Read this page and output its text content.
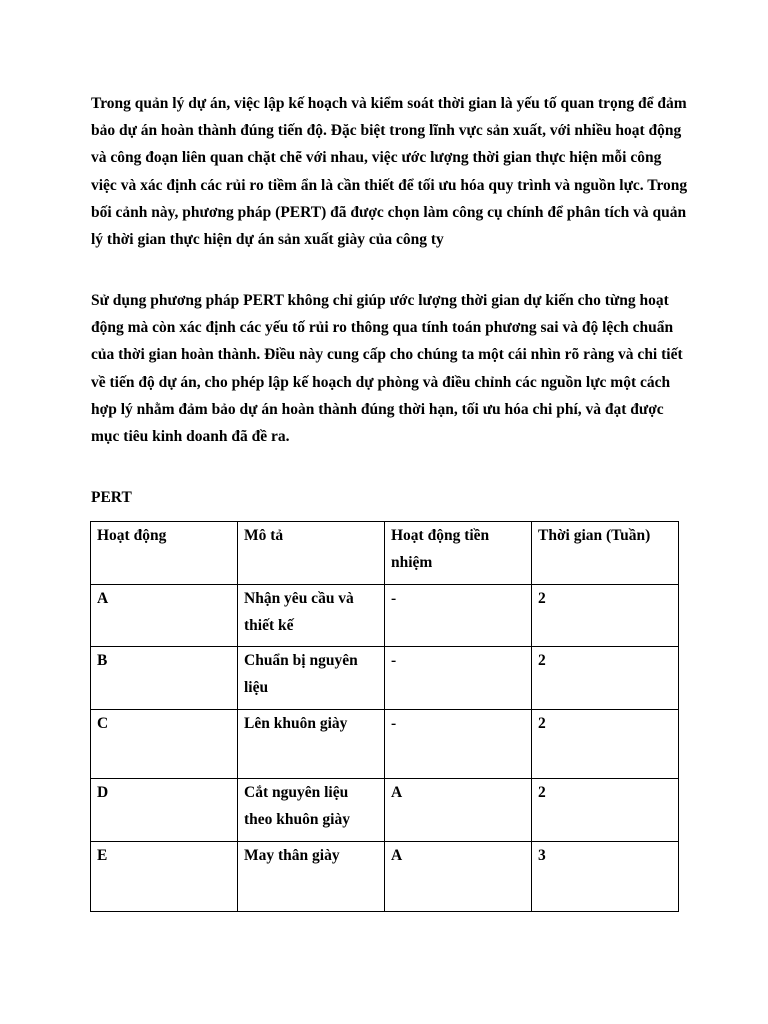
Trong quản lý dự án, việc lập kế hoạch và kiểm soát thời gian là yếu tố quan trọng để đảm bảo dự án hoàn thành đúng tiến độ. Đặc biệt trong lĩnh vực sản xuất, với nhiều hoạt động và công đoạn liên quan chặt chẽ với nhau, việc ước lượng thời gian thực hiện mỗi công việc và xác định các rủi ro tiềm ẩn là cần thiết để tối ưu hóa quy trình và nguồn lực. Trong bối cảnh này, phương pháp (PERT) đã được chọn làm công cụ chính để phân tích và quản lý thời gian thực hiện dự án sản xuất giày của công ty

Sử dụng phương pháp PERT không chỉ giúp ước lượng thời gian dự kiến cho từng hoạt động mà còn xác định các yếu tố rủi ro thông qua tính toán phương sai và độ lệch chuẩn của thời gian hoàn thành. Điều này cung cấp cho chúng ta một cái nhìn rõ ràng và chi tiết về tiến độ dự án, cho phép lập kế hoạch dự phòng và điều chỉnh các nguồn lực một cách hợp lý nhằm đảm bảo dự án hoàn thành đúng thời hạn, tối ưu hóa chi phí, và đạt được mục tiêu kinh doanh đã đề ra.

PERT

Hoạt động	Mô tả	Hoạt động tiền nhiệm	Thời gian (Tuần)
A	Nhận yêu cầu và thiết kế	-	2
B	Chuẩn bị nguyên liệu	-	2
C	Lên khuôn giày	-	2
D	Cắt nguyên liệu theo khuôn giày	A	2
E	May thân giày	A	3
